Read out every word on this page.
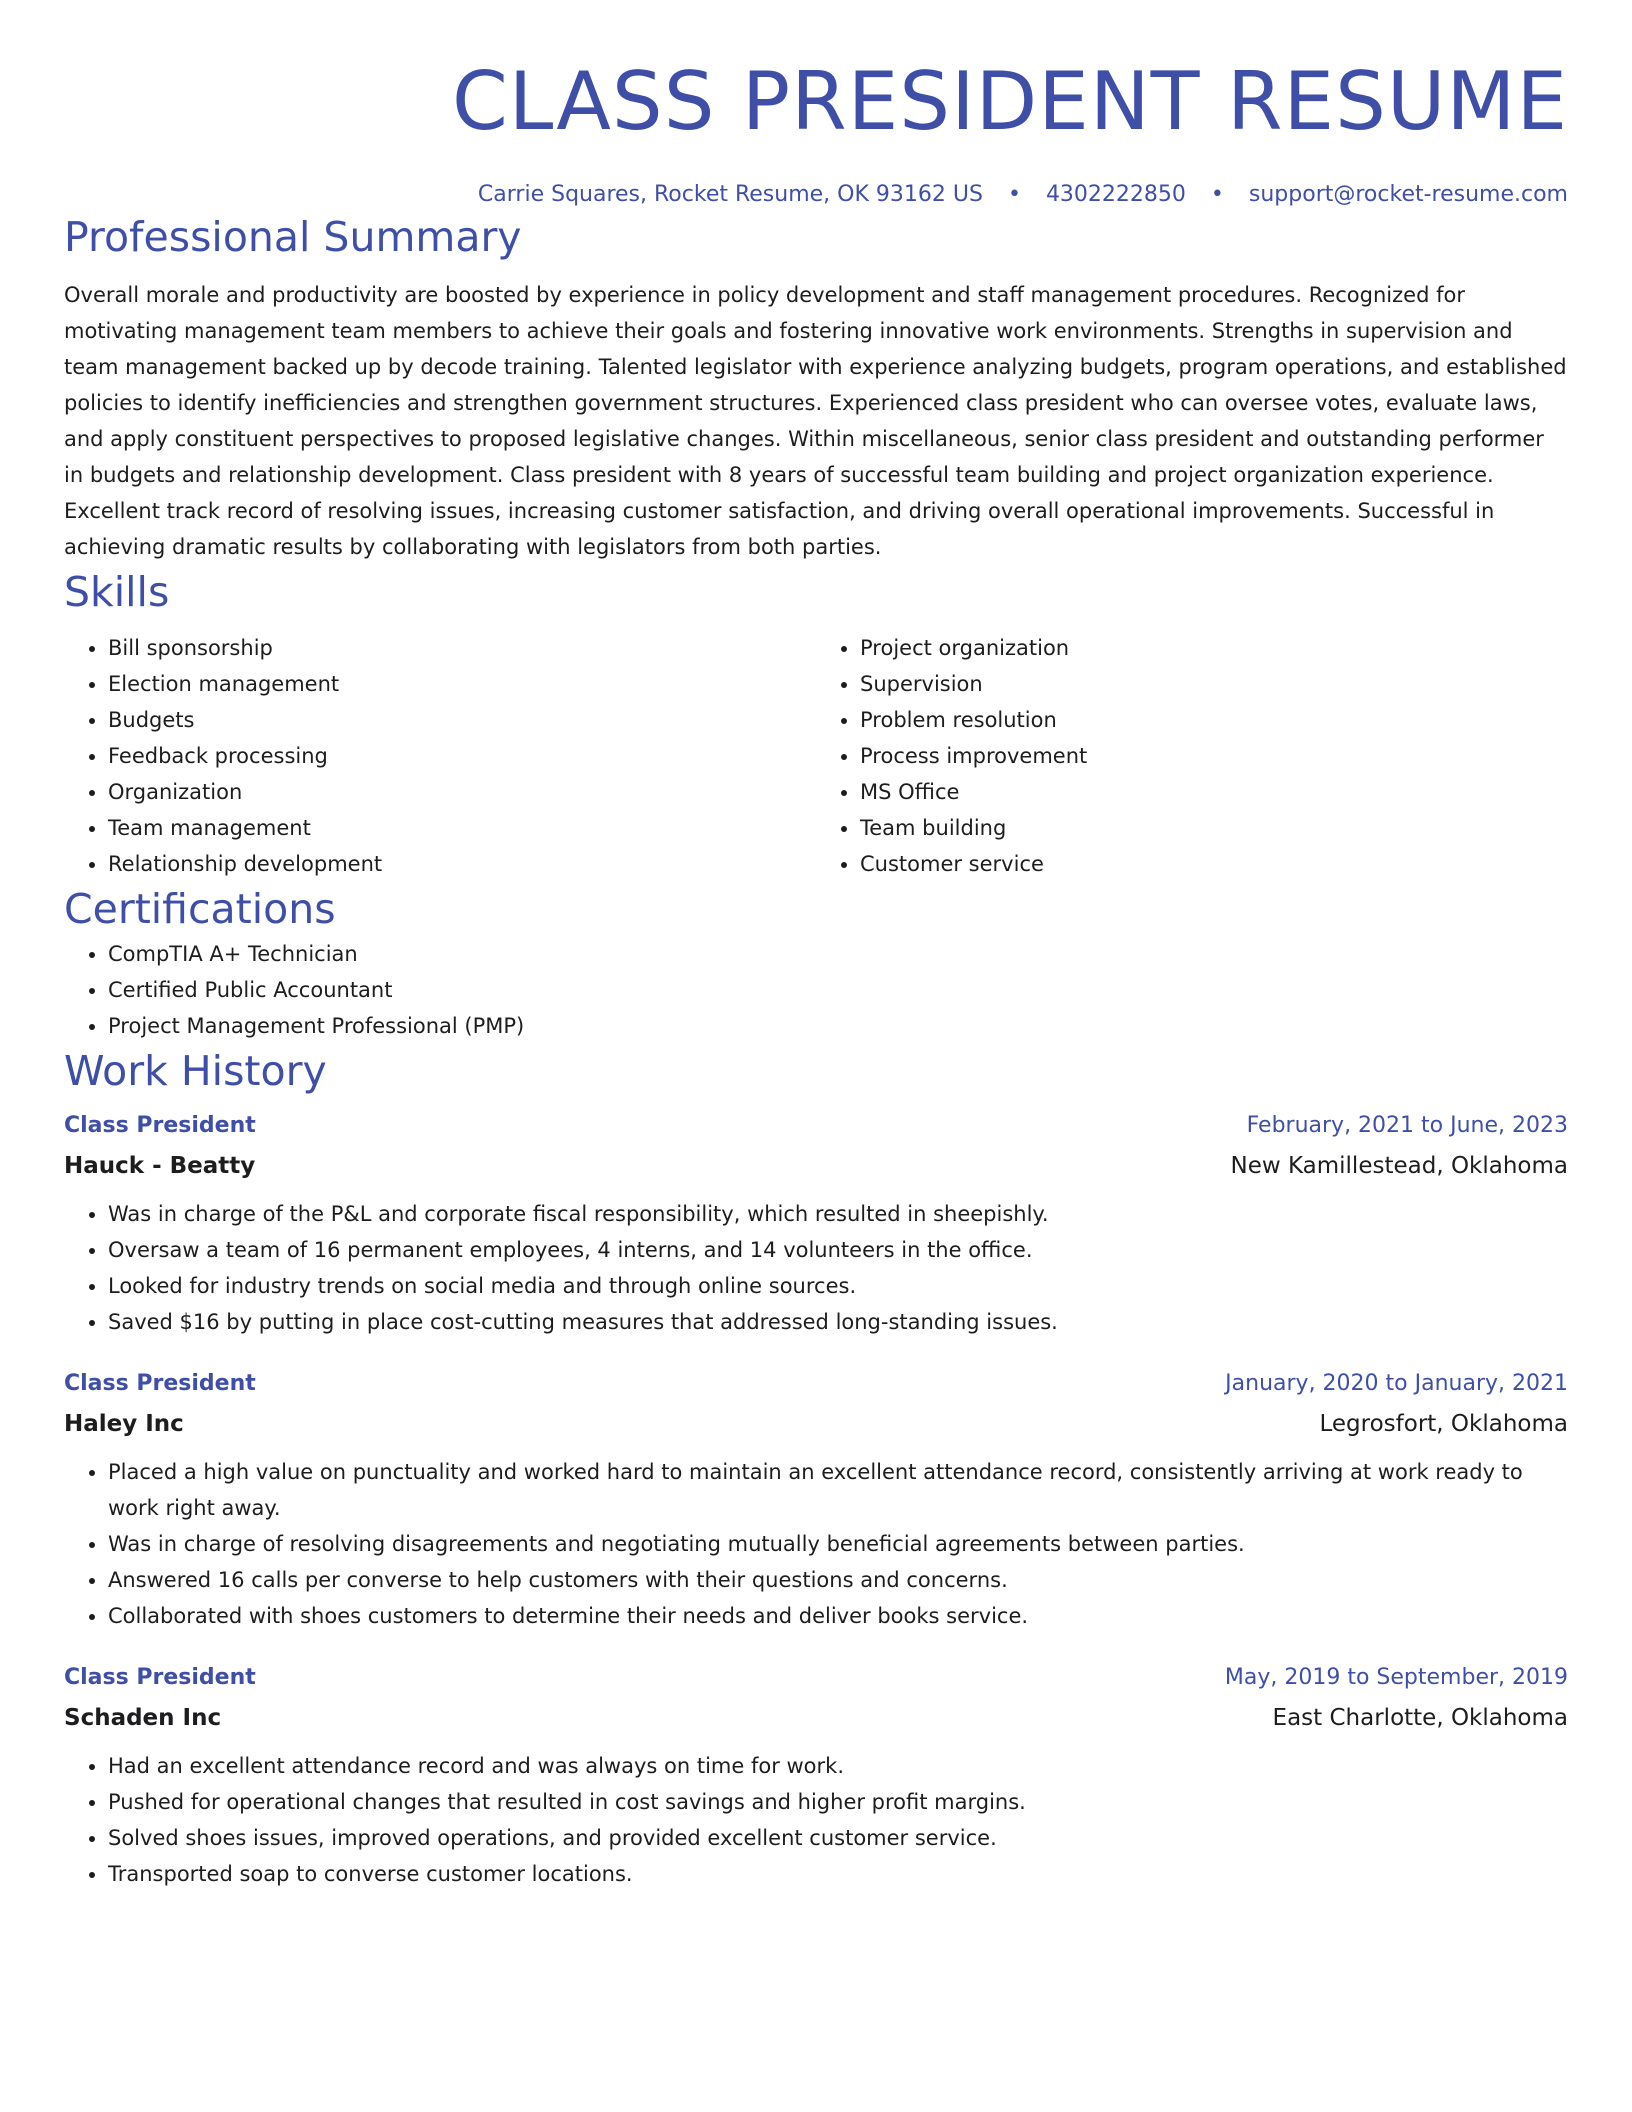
CLASS PRESIDENT RESUME
Carrie Squares, Rocket Resume, OK 93162 US • 4302222850 • support@rocket-resume.com
Professional Summary
Overall morale and productivity are boosted by experience in policy development and staff management procedures. Recognized for motivating management team members to achieve their goals and fostering innovative work environments. Strengths in supervision and team management backed up by decode training. Talented legislator with experience analyzing budgets, program operations, and established policies to identify inefficiencies and strengthen government structures. Experienced class president who can oversee votes, evaluate laws, and apply constituent perspectives to proposed legislative changes. Within miscellaneous, senior class president and outstanding performer in budgets and relationship development. Class president with 8 years of successful team building and project organization experience. Excellent track record of resolving issues, increasing customer satisfaction, and driving overall operational improvements. Successful in achieving dramatic results by collaborating with legislators from both parties.
Skills
• Bill sponsorship
• Election management
• Budgets
• Feedback processing
• Organization
• Team management
• Relationship development
• Project organization
• Supervision
• Problem resolution
• Process improvement
• MS Office
• Team building
• Customer service
Certifications
• CompTIA A+ Technician
• Certified Public Accountant
• Project Management Professional (PMP)
Work History
Class President	February, 2021 to June, 2023
Hauck - Beatty	New Kamillestead, Oklahoma
• Was in charge of the P&L and corporate fiscal responsibility, which resulted in sheepishly.
• Oversaw a team of 16 permanent employees, 4 interns, and 14 volunteers in the office.
• Looked for industry trends on social media and through online sources.
• Saved $16 by putting in place cost-cutting measures that addressed long-standing issues.
Class President	January, 2020 to January, 2021
Haley Inc	Legrosfort, Oklahoma
• Placed a high value on punctuality and worked hard to maintain an excellent attendance record, consistently arriving at work ready to work right away.
• Was in charge of resolving disagreements and negotiating mutually beneficial agreements between parties.
• Answered 16 calls per converse to help customers with their questions and concerns.
• Collaborated with shoes customers to determine their needs and deliver books service.
Class President	May, 2019 to September, 2019
Schaden Inc	East Charlotte, Oklahoma
• Had an excellent attendance record and was always on time for work.
• Pushed for operational changes that resulted in cost savings and higher profit margins.
• Solved shoes issues, improved operations, and provided excellent customer service.
• Transported soap to converse customer locations.
